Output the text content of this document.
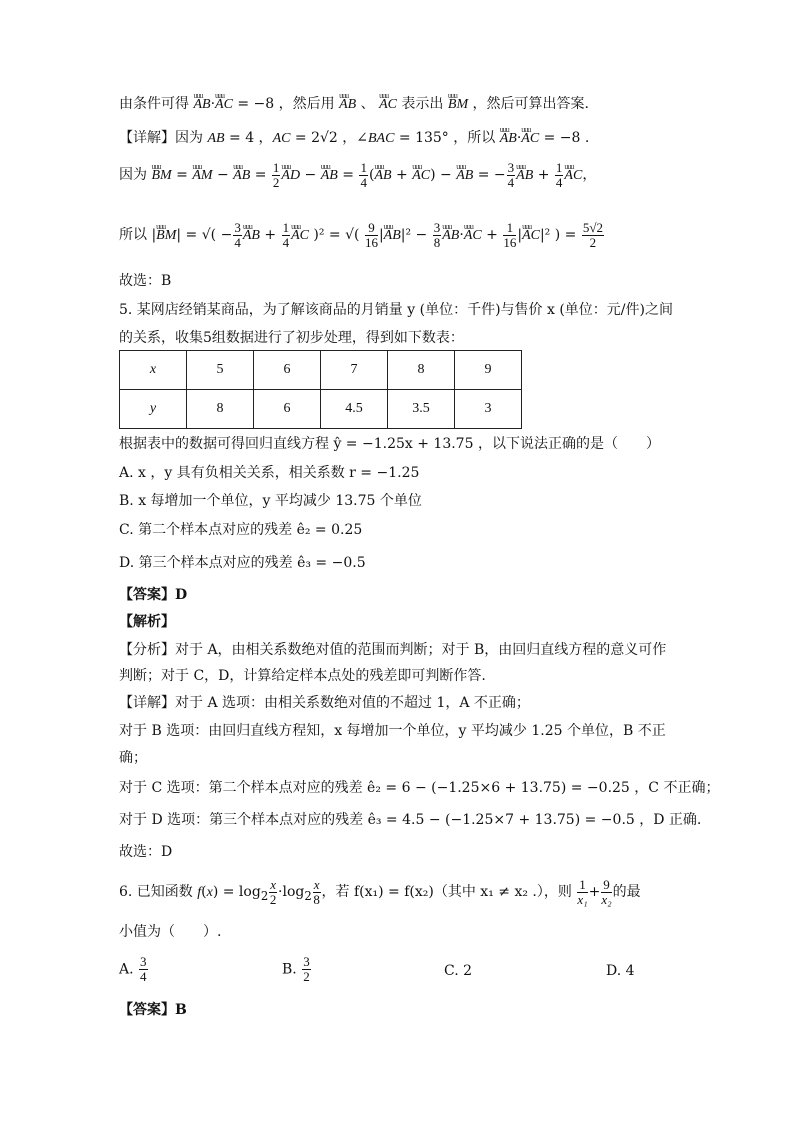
由条件可得 uuu AB·uuu AC = −8 ，然后用 uuu AB 、 uuu AC 表示出 uuu BM ，然后可算出答案.
【详解】因为 AB = 4 ，AC = 2√2 ，∠BAC = 135° ，所以 uuu AB·uuu AC = −8 .
因为 uuu BM = uuu AM − uuu AB = $\frac{1}{2}$ uuu AD − uuu AB = $\frac{1}{4} (uuu$ AB + uuu AC) − uuu AB = − $\frac{3}{4}$ uuu AB + $\frac{1}{4}$ uuu AC，
所以 |uuu BM| = √( − $\frac{3}{4}$ uuu AB + $\frac{1}{4}$ uuu AC )² = √( $\frac{9}{16} |uuu$ $AB|^2 - \frac{3}{8}$ uuu AB·uuu AC + $\frac{1}{16} |uuu$ AC|² ) = $\frac{5√2}{2}$
故选：B
5. 某网店经销某商品，为了解该商品的月销量 y (单位：千件)与售价 x (单位：元/件)之间
的关系，收集5组数据进行了初步处理，得到如下数表：
x	5	6	7	8	9
y	8	6	4.5	3.5	3
根据表中的数据可得回归直线方程 ŷ = −1.25x + 13.75 ，以下说法正确的是（　　）
A. x ，y 具有负相关关系，相关系数 r = −1.25
B. x 每增加一个单位，y 平均减少 13.75 个单位
C. 第二个样本点对应的残差 ê₂ = 0.25
D. 第三个样本点对应的残差 ê₃ = −0.5
【答案】D
【解析】
【分析】对于 A，由相关系数绝对值的范围而判断；对于 B，由回归直线方程的意义可作
判断；对于 C，D，计算给定样本点处的残差即可判断作答.
【详解】对于 A 选项：由相关系数绝对值的不超过 1，A 不正确；
对于 B 选项：由回归直线方程知，x 每增加一个单位，y 平均减少 1.25 个单位，B 不正
确；
对于 C 选项：第二个样本点对应的残差 ê₂ = 6 − (−1.25×6 + 13.75) = −0.25 ，C 不正确；
对于 D 选项：第三个样本点对应的残差 ê₃ = 4.5 − (−1.25×7 + 13.75) = −0.5 ，D 正确.
故选：D
6. 已知函数 $f(x) = \log_2 \frac{x}{2} \cdot\log_2 \frac{x}{8}$ ，若 f(x₁) = f(x₂)（其中 x₁ ≠ x₂ .），则 $\frac{1}{\text{x₁}} + \frac{9}{\text{x₂}}$ 的最
小值为（　　）.
A. $\frac{3}{4}$	B. $\frac{3}{2}$	C. 2	D. 4
【答案】B
